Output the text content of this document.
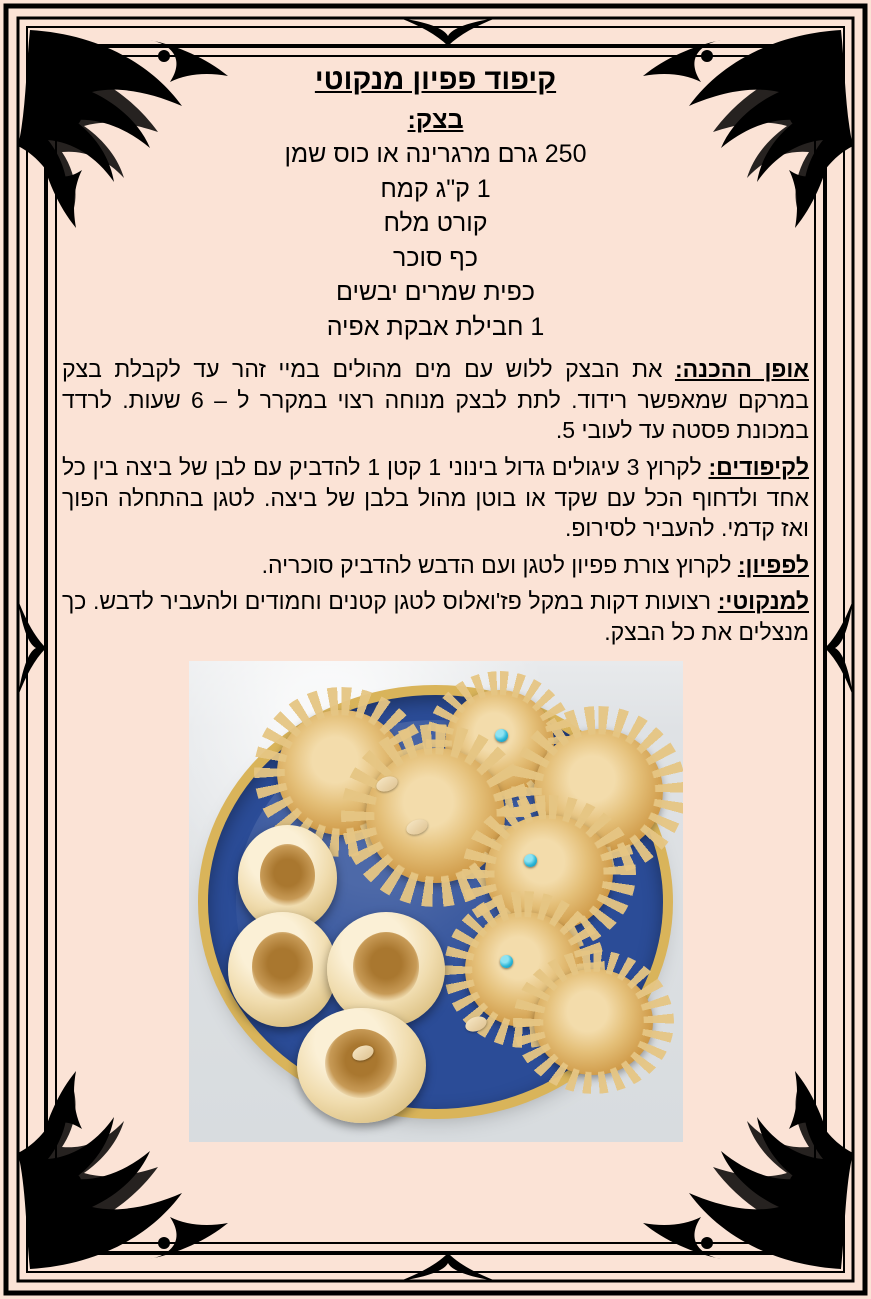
קיפוד פפיון מנקוטי
בצק:
250 גרם מרגרינה או כוס שמן
1 ק"ג קמח
קורט מלח
כף סוכר
כפית שמרים יבשים
1 חבילת אבקת אפיה

אופן ההכנה: את הבצק ללוש עם מים מהולים במיי זהר עד לקבלת בצק במרקם שמאפשר רידוד. לתת לבצק מנוחה רצוי במקרר ל – 6 שעות. לרדד במכונת פסטה עד לעובי 5.

לקיפודים: לקרוץ 3 עיגולים גדול בינוני 1 קטן 1 להדביק עם לבן של ביצה בין כל אחד ולדחוף הכל עם שקד או בוטן מהול בלבן של ביצה. לטגן בהתחלה הפוך ואז קדמי. להעביר לסירופ.

לפפיון: לקרוץ צורת פפיון לטגן ועם הדבש להדביק סוכריה.

למנקוטי: רצועות דקות במקל פז'ואלוס לטגן קטנים וחמודים ולהעביר לדבש. כך מנצלים את כל הבצק.
